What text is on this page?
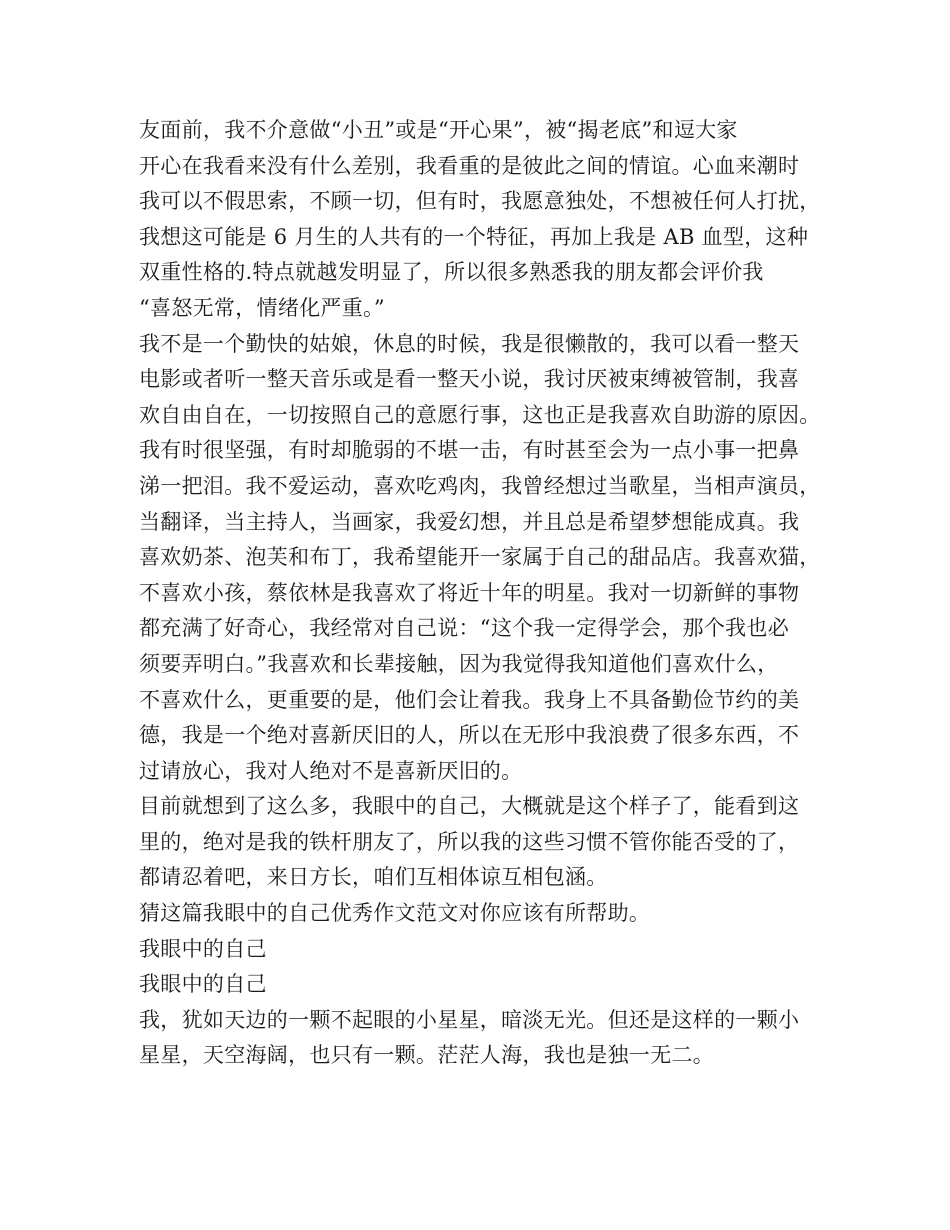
友面前，我不介意做“小丑”或是“开心果”，被“揭老底”和逗大家
开心在我看来没有什么差别，我看重的是彼此之间的情谊。心血来潮时
我可以不假思索，不顾一切，但有时，我愿意独处，不想被任何人打扰，
我想这可能是 6 月生的人共有的一个特征，再加上我是 AB 血型，这种
双重性格的.特点就越发明显了，所以很多熟悉我的朋友都会评价我
“喜怒无常，情绪化严重。”
我不是一个勤快的姑娘，休息的时候，我是很懒散的，我可以看一整天
电影或者听一整天音乐或是看一整天小说，我讨厌被束缚被管制，我喜
欢自由自在，一切按照自己的意愿行事，这也正是我喜欢自助游的原因。
我有时很坚强，有时却脆弱的不堪一击，有时甚至会为一点小事一把鼻
涕一把泪。我不爱运动，喜欢吃鸡肉，我曾经想过当歌星，当相声演员，
当翻译，当主持人，当画家，我爱幻想，并且总是希望梦想能成真。我
喜欢奶茶、泡芙和布丁，我希望能开一家属于自己的甜品店。我喜欢猫，
不喜欢小孩，蔡依林是我喜欢了将近十年的明星。我对一切新鲜的事物
都充满了好奇心，我经常对自己说：“这个我一定得学会，那个我也必
须要弄明白。”我喜欢和长辈接触，因为我觉得我知道他们喜欢什么，
不喜欢什么，更重要的是，他们会让着我。我身上不具备勤俭节约的美
德，我是一个绝对喜新厌旧的人，所以在无形中我浪费了很多东西，不
过请放心，我对人绝对不是喜新厌旧的。
目前就想到了这么多，我眼中的自己，大概就是这个样子了，能看到这
里的，绝对是我的铁杆朋友了，所以我的这些习惯不管你能否受的了，
都请忍着吧，来日方长，咱们互相体谅互相包涵。
猜这篇我眼中的自己优秀作文范文对你应该有所帮助。
我眼中的自己
我眼中的自己
我，犹如天边的一颗不起眼的小星星，暗淡无光。但还是这样的一颗小
星星，天空海阔，也只有一颗。茫茫人海，我也是独一无二。
